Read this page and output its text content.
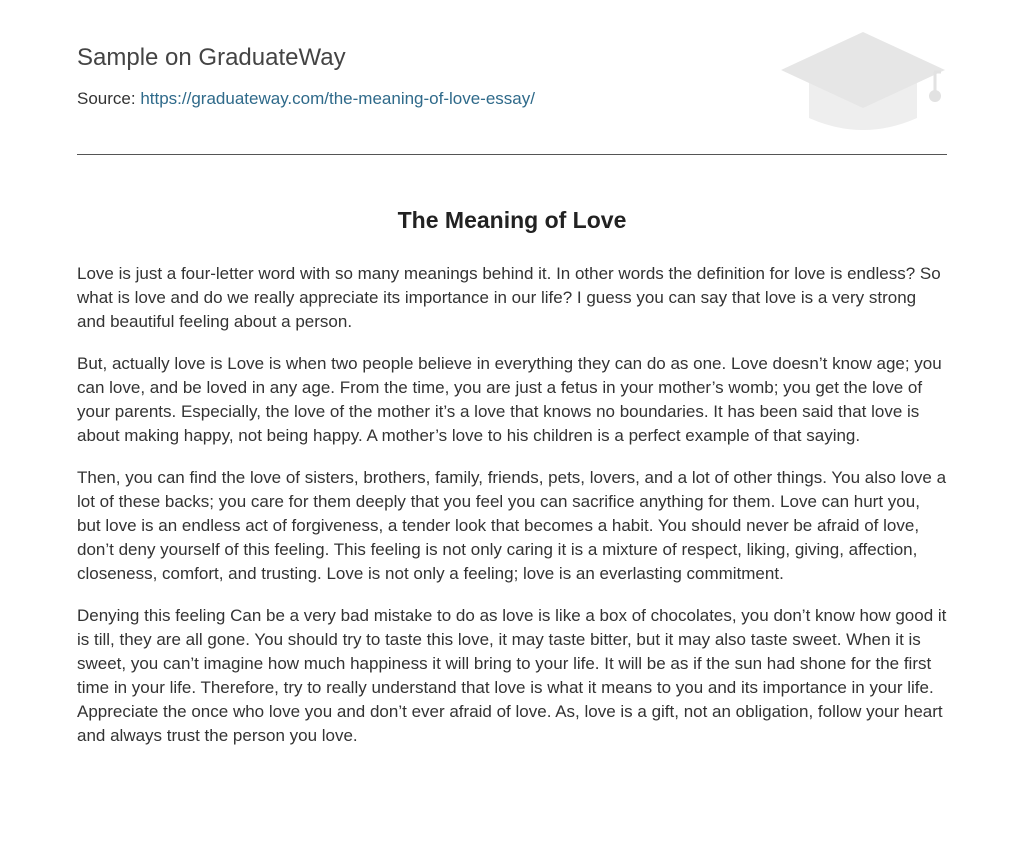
Sample on GraduateWay
Source: https://graduateway.com/the-meaning-of-love-essay/
The Meaning of Love

Love is just a four-letter word with so many meanings behind it. In other words the definition for love is endless? So what is love and do we really appreciate its importance in our life? I guess you can say that love is a very strong and beautiful feeling about a person.

But, actually love is Love is when two people believe in everything they can do as one. Love doesn’t know age; you can love, and be loved in any age. From the time, you are just a fetus in your mother’s womb; you get the love of your parents. Especially, the love of the mother it’s a love that knows no boundaries. It has been said that love is about making happy, not being happy. A mother’s love to his children is a perfect example of that saying.

Then, you can find the love of sisters, brothers, family, friends, pets, lovers, and a lot of other things. You also love a lot of these backs; you care for them deeply that you feel you can sacrifice anything for them. Love can hurt you, but love is an endless act of forgiveness, a tender look that becomes a habit. You should never be afraid of love, don’t deny yourself of this feeling. This feeling is not only caring it is a mixture of respect, liking, giving, affection, closeness, comfort, and trusting. Love is not only a feeling; love is an everlasting commitment.

Denying this feeling Can be a very bad mistake to do as love is like a box of chocolates, you don’t know how good it is till, they are all gone. You should try to taste this love, it may taste bitter, but it may also taste sweet. When it is sweet, you can’t imagine how much happiness it will bring to your life. It will be as if the sun had shone for the first time in your life. Therefore, try to really understand that love is what it means to you and its importance in your life. Appreciate the once who love you and don’t ever afraid of love. As, love is a gift, not an obligation, follow your heart and always trust the person you love.
